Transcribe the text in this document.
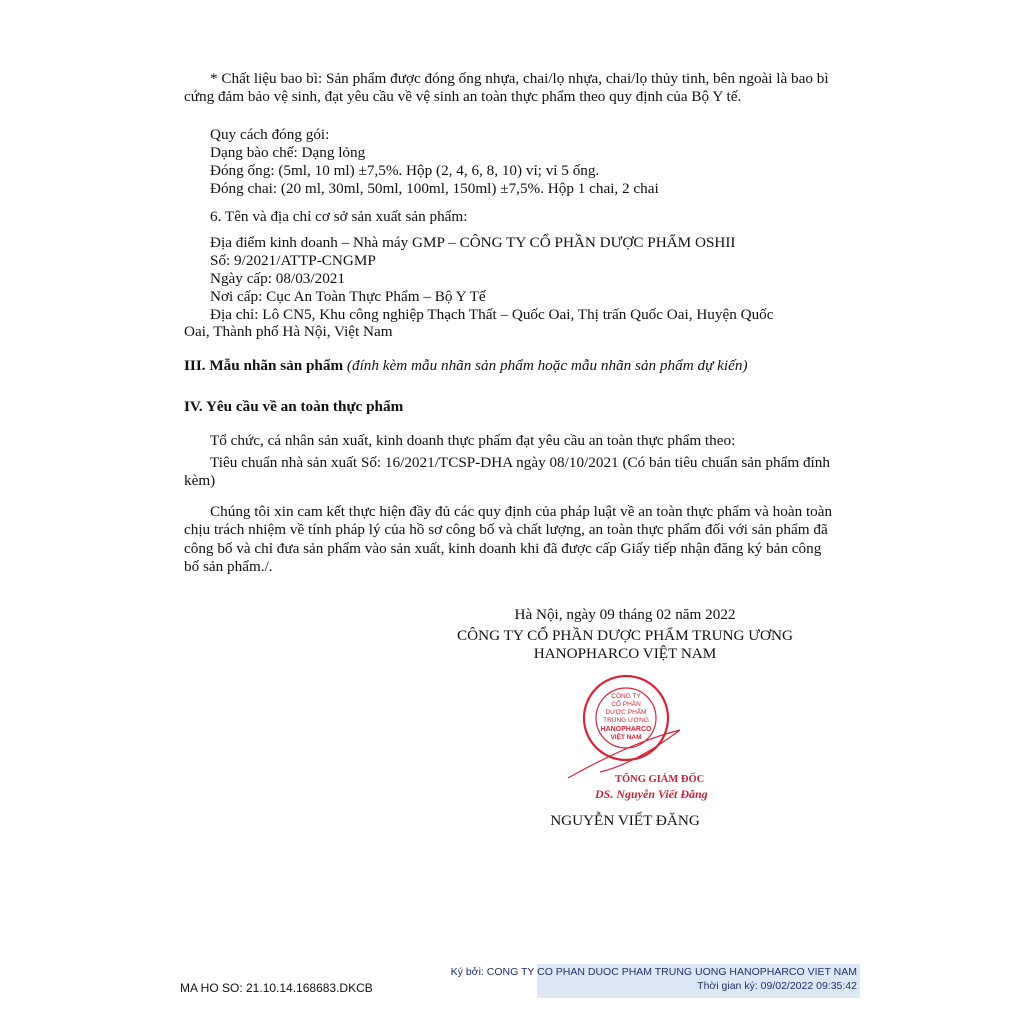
* Chất liệu bao bì: Sản phẩm được đóng ống nhựa, chai/lọ nhựa, chai/lọ thủy tinh, bên ngoài là bao bì cứng đảm bảo vệ sinh, đạt yêu cầu về vệ sinh an toàn thực phẩm theo quy định của Bộ Y tế.
Quy cách đóng gói:
Dạng bào chế: Dạng lỏng
Đóng ống: (5ml, 10 ml) ±7,5%. Hộp (2, 4, 6, 8, 10) vỉ; vỉ 5 ống.
Đóng chai: (20 ml, 30ml, 50ml, 100ml, 150ml) ±7,5%. Hộp 1 chai, 2 chai
6. Tên và địa chỉ cơ sở sản xuất sản phẩm:
Địa điểm kinh doanh – Nhà máy GMP – CÔNG TY CỔ PHẦN DƯỢC PHẨM OSHII
Số: 9/2021/ATTP-CNGMP
Ngày cấp: 08/03/2021
Nơi cấp: Cục An Toàn Thực Phẩm – Bộ Y Tế
Địa chỉ: Lô CN5, Khu công nghiệp Thạch Thất – Quốc Oai, Thị trấn Quốc Oai, Huyện Quốc
Oai, Thành phố Hà Nội, Việt Nam
III. Mẫu nhãn sản phẩm (đính kèm mẫu nhãn sản phẩm hoặc mẫu nhãn sản phẩm dự kiến)
IV. Yêu cầu về an toàn thực phẩm
Tổ chức, cá nhân sản xuất, kinh doanh thực phẩm đạt yêu cầu an toàn thực phẩm theo:
Tiêu chuẩn nhà sản xuất Số: 16/2021/TCSP-DHA ngày 08/10/2021 (Có bản tiêu chuẩn sản phẩm đính kèm)
Chúng tôi xin cam kết thực hiện đầy đủ các quy định của pháp luật về an toàn thực phẩm và hoàn toàn chịu trách nhiệm về tính pháp lý của hồ sơ công bố và chất lượng, an toàn thực phẩm đối với sản phẩm đã công bố và chỉ đưa sản phẩm vào sản xuất, kinh doanh khi đã được cấp Giấy tiếp nhận đăng ký bản công bố sản phẩm./.
Hà Nội, ngày 09 tháng 02 năm 2022
CÔNG TY CỔ PHẦN DƯỢC PHẨM TRUNG ƯƠNG
HANOPHARCO VIỆT NAM
CÔNG TY
CỔ PHẦN
DƯỢC PHẨM
TRUNG ƯƠNG
HANOPHARCO
VIỆT NAM
TỔNG GIÁM ĐỐC
DS. Nguyễn Viết Đăng
NGUYỄN VIẾT ĐĂNG
Ký bởi: CONG TY CO PHAN DUOC PHAM TRUNG UONG HANOPHARCO VIET NAM
Thời gian ký: 09/02/2022 09:35:42
MA HO SO: 21.10.14.168683.DKCB
